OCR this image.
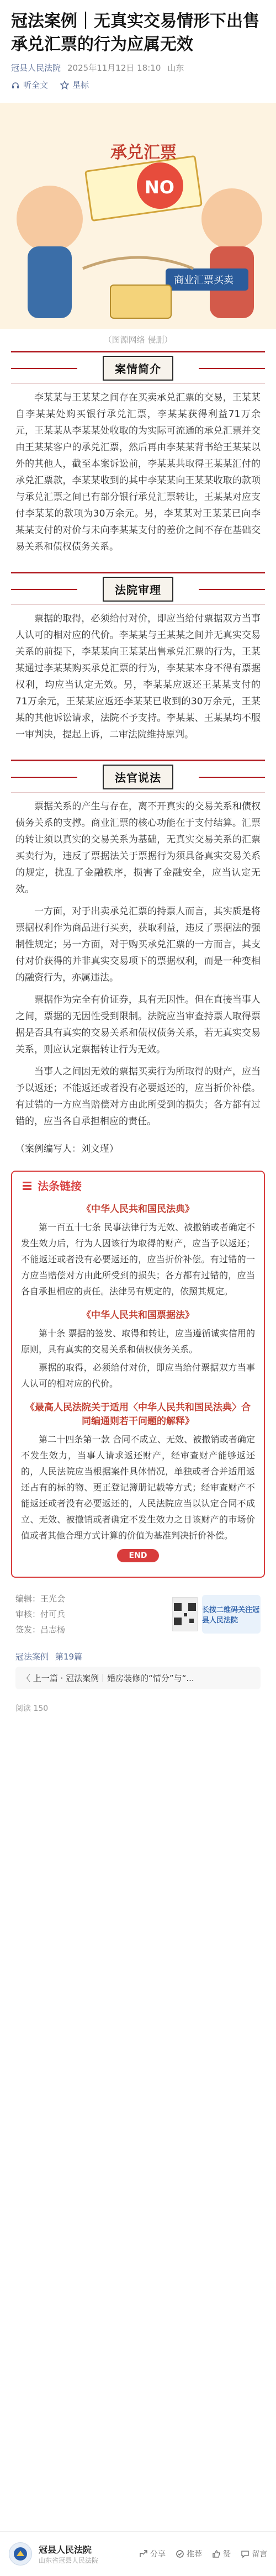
冠法案例｜无真实交易情形下出售承兑汇票的行为应属无效
冠县人民法院 2025年11月12日 18:10 山东
听全文	星标
承兑汇票
NO
商业汇票买卖
（图源网络 侵删）
案情简介

李某某与王某某之间存在买卖承兑汇票的交易，王某某自李某某处购买银行承兑汇票，李某某获得利益71万余元，王某某从李某某处收取的为实际可流通的承兑汇票并交由王某某客户的承兑汇票，然后再由李某某背书给王某某以外的其他人，截至本案诉讼前，李某某共取得王某某汇付的承兑汇票款，李某某收到的其中李某某向王某某收取的款项与承兑汇票之间已有部分银行承兑汇票转让，王某某对应支付李某某的款项为30万余元。另，李某某对王某某已向李某某支付的对价与未向李某某支付的差价之间不存在基础交易关系和债权债务关系。

法院审理

票据的取得，必须给付对价，即应当给付票据双方当事人认可的相对应的代价。李某某与王某某之间并无真实交易关系的前提下，李某某向王某某出售承兑汇票的行为，王某某通过李某某购买承兑汇票的行为，李某某本身不得有票据权利，均应当认定无效。另，李某某应返还王某某支付的71万余元，王某某应返还李某某已收到的30万余元，王某某的其他诉讼请求，法院不予支持。李某某、王某某均不服一审判决，提起上诉，二审法院维持原判。

法官说法

票据关系的产生与存在，离不开真实的交易关系和债权债务关系的支撑。商业汇票的核心功能在于支付结算。汇票的转让须以真实的交易关系为基础，无真实交易关系的汇票买卖行为，违反了票据法关于票据行为须具备真实交易关系的规定，扰乱了金融秩序，损害了金融安全，应当认定无效。

一方面，对于出卖承兑汇票的持票人而言，其实质是将票据权利作为商品进行买卖，获取利益，违反了票据法的强制性规定；另一方面，对于购买承兑汇票的一方而言，其支付对价获得的并非真实交易项下的票据权利，而是一种变相的融资行为，亦属违法。

票据作为完全有价证券，具有无因性。但在直接当事人之间，票据的无因性受到限制。法院应当审查持票人取得票据是否具有真实的交易关系和债权债务关系，若无真实交易关系，则应认定票据转让行为无效。

当事人之间因无效的票据买卖行为所取得的财产，应当予以返还；不能返还或者没有必要返还的，应当折价补偿。有过错的一方应当赔偿对方由此所受到的损失；各方都有过错的，应当各自承担相应的责任。

（案例编写人：刘文瑾）

法条链接
《中华人民共和国民法典》

第一百五十七条 民事法律行为无效、被撤销或者确定不发生效力后，行为人因该行为取得的财产，应当予以返还；不能返还或者没有必要返还的，应当折价补偿。有过错的一方应当赔偿对方由此所受到的损失；各方都有过错的，应当各自承担相应的责任。法律另有规定的，依照其规定。

《中华人民共和国票据法》

第十条 票据的签发、取得和转让，应当遵循诚实信用的原则，具有真实的交易关系和债权债务关系。

票据的取得，必须给付对价，即应当给付票据双方当事人认可的相对应的代价。

《最高人民法院关于适用〈中华人民共和国民法典〉合同编通则若干问题的解释》

第二十四条第一款 合同不成立、无效、被撤销或者确定不发生效力，当事人请求返还财产，经审查财产能够返还的，人民法院应当根据案件具体情况，单独或者合并适用返还占有的标的物、更正登记簿册记载等方式；经审查财产不能返还或者没有必要返还的，人民法院应当以认定合同不成立、无效、被撤销或者确定不发生效力之日该财产的市场价值或者其他合理方式计算的价值为基准判决折价补偿。

END
编辑：王光会
审核：付可兵
签发：吕志杨
长按二维码关注冠县人民法院
冠法案例 第19篇
〈 上一篇 · 冠法案例｜婚房装修的“情分”与“...
阅读 150
冠县人民法院
山东省冠县人民法院
分享	推荐	赞	留言
